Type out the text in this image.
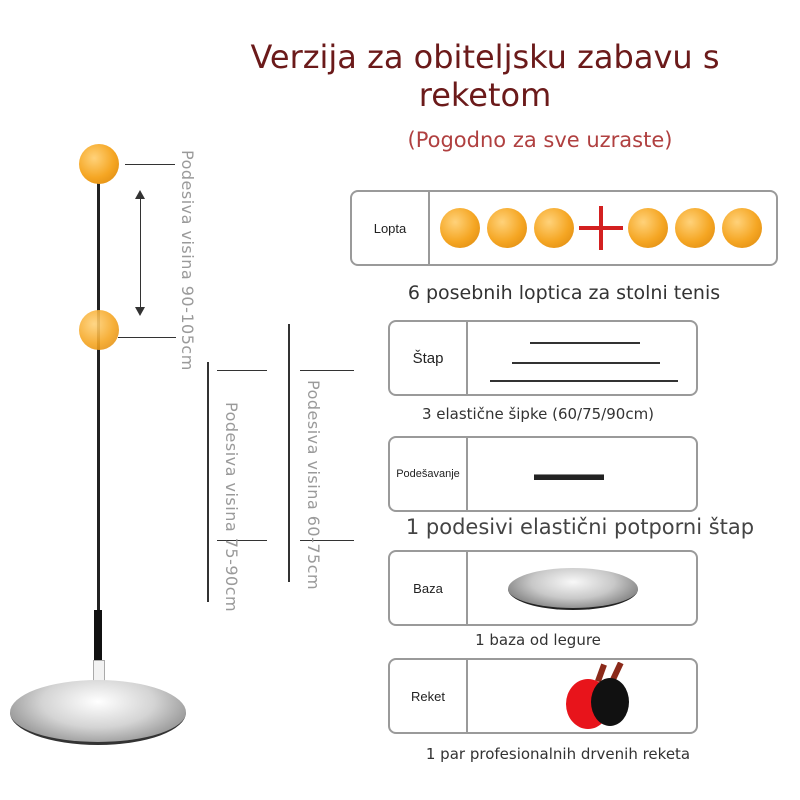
Verzija za obiteljsku zabavu s reketom
(Pogodno za sve uzraste)
Podesiva visina 90-105cm
Podesiva visina 75-90cm	Podesiva visina 60-75cm
Lopta
6 posebnih loptica za stolni tenis
Štap
3 elastične šipke (60/75/90cm)
Podešavanje
1 podesivi elastični potporni štap
Baza
1 baza od legure
Reket
1 par profesionalnih drvenih reketa
